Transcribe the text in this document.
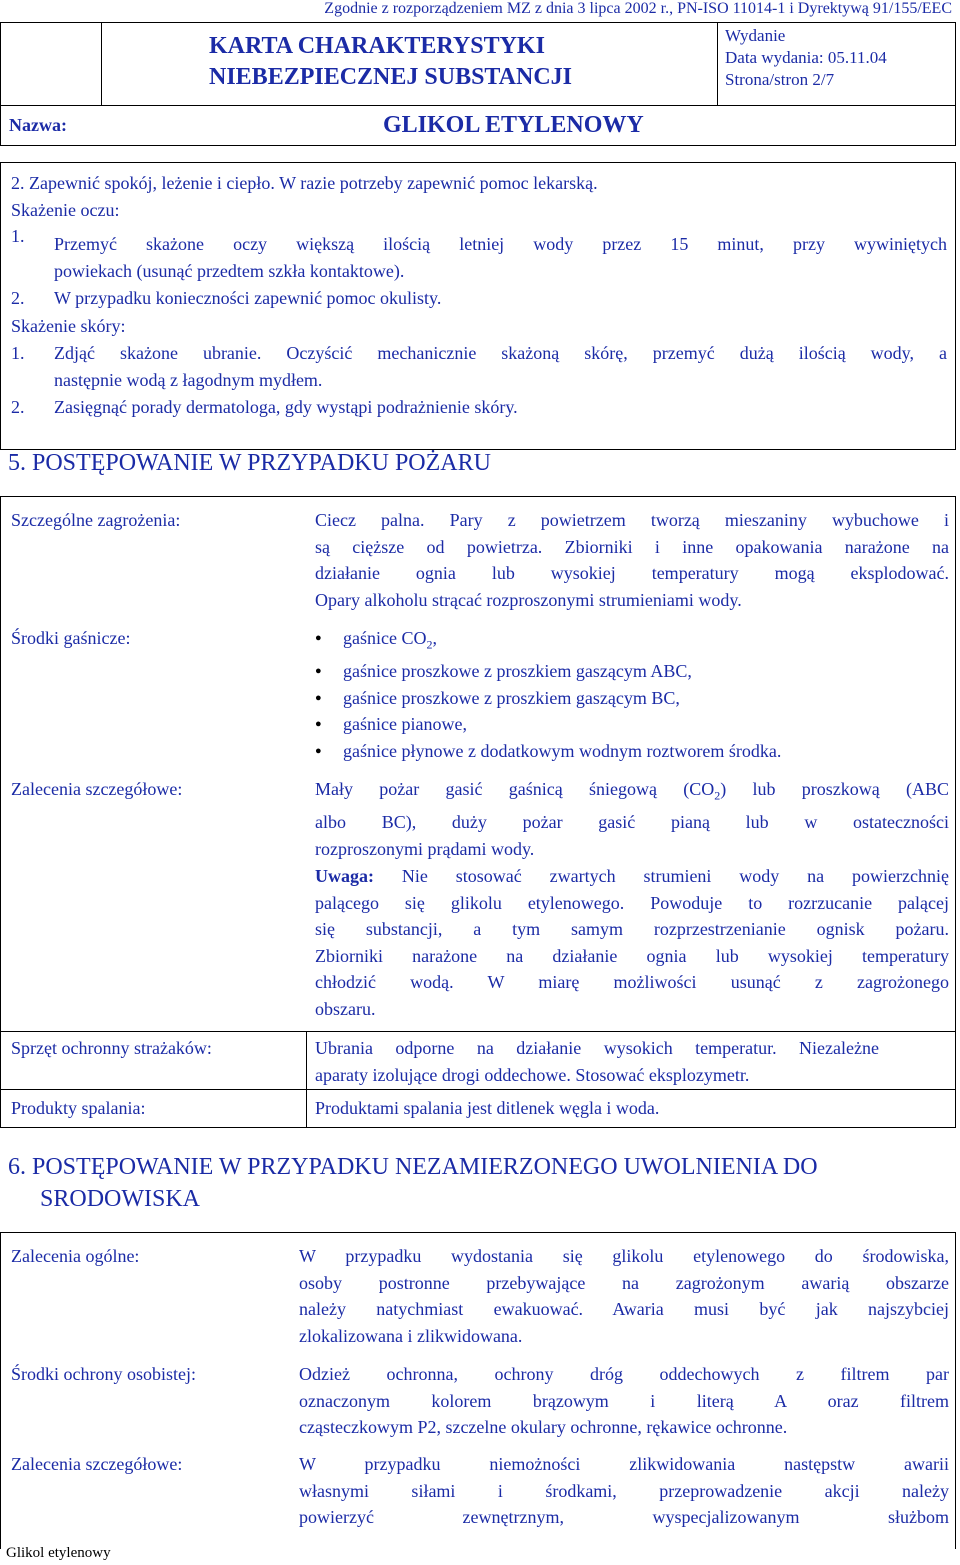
Zgodnie z rozporządzeniem MZ z dnia 3 lipca 2002 r., PN-ISO 11014-1 i Dyrektywą 91/155/EEC
KARTA CHARAKTERYSTYKI
NIEBEZPIECZNEJ SUBSTANCJI
Wydanie
Data wydania: 05.11.04
Strona/stron 2/7
Nazwa:	GLIKOL ETYLENOWY
2. Zapewnić spokój, leżenie i ciepło. W razie potrzeby zapewnić pomoc lekarską.
Skażenie oczu:
1. Przemyć skażone oczy większą ilością letniej wody przez 15 minut, przy wywiniętych
powiekach (usunąć przedtem szkła kontaktowe).
2. W przypadku konieczności zapewnić pomoc okulisty.
Skażenie skóry:
1. Zdjąć skażone ubranie. Oczyścić mechanicznie skażoną skórę, przemyć dużą ilością wody, a
następnie wodą z łagodnym mydłem.
2. Zasięgnąć porady dermatologa, gdy wystąpi podrażnienie skóry.
5. POSTĘPOWANIE W PRZYPADKU POŻARU
Szczególne zagrożenia:	Ciecz palna. Pary z powietrzem tworzą mieszaniny wybuchowe i
są cięższe od powietrza. Zbiorniki i inne opakowania narażone na
działanie ognia lub wysokiej temperatury mogą eksplodować.
Opary alkoholu strącać rozproszonymi strumieniami wody.
Środki gaśnicze:
●	gaśnice $CO_2$,
● gaśnice proszkowe z proszkiem gaszącym ABC,
● gaśnice proszkowe z proszkiem gaszącym BC,
● gaśnice pianowe,
● gaśnice płynowe z dodatkowym wodnym roztworem środka.
Zalecenia szczegółowe:	Mały pożar gasić gaśnicą śniegową $(CO_2)$ lub proszkową (ABC
albo BC), duży pożar gasić pianą lub w ostateczności
rozproszonymi prądami wody.
Uwaga: Nie stosować zwartych strumieni wody na powierzchnię
palącego się glikolu etylenowego. Powoduje to rozrzucanie palącej
się substancji, a tym samym rozprzestrzenianie ognisk pożaru.
Zbiorniki narażone na działanie ognia lub wysokiej temperatury
chłodzić wodą. W miarę możliwości usunąć z zagrożonego
obszaru.
Sprzęt ochronny strażaków:	Ubrania odporne na działanie wysokich temperatur. Niezależne
aparaty izolujące drogi oddechowe. Stosować eksplozymetr.
Produkty spalania:	Produktami spalania jest ditlenek węgla i woda.
6. POSTĘPOWANIE W PRZYPADKU NEZAMIERZONEGO UWOLNIENIA DO
SRODOWISKA
Zalecenia ogólne:	W przypadku wydostania się glikolu etylenowego do środowiska,
osoby postronne przebywające na zagrożonym awarią obszarze
należy natychmiast ewakuować. Awaria musi być jak najszybciej
zlokalizowana i zlikwidowana.
Środki ochrony osobistej:	Odzież ochronna, ochrony dróg oddechowych z filtrem par
oznaczonym kolorem brązowym i literą A oraz filtrem
cząsteczkowym P2, szczelne okulary ochronne, rękawice ochronne.
Zalecenia szczegółowe:	W przypadku niemożności zlikwidowania następstw awarii
własnymi siłami i środkami, przeprowadzenie akcji należy
powierzyć zewnętrznym, wyspecjalizowanym służbom
Glikol etylenowy
